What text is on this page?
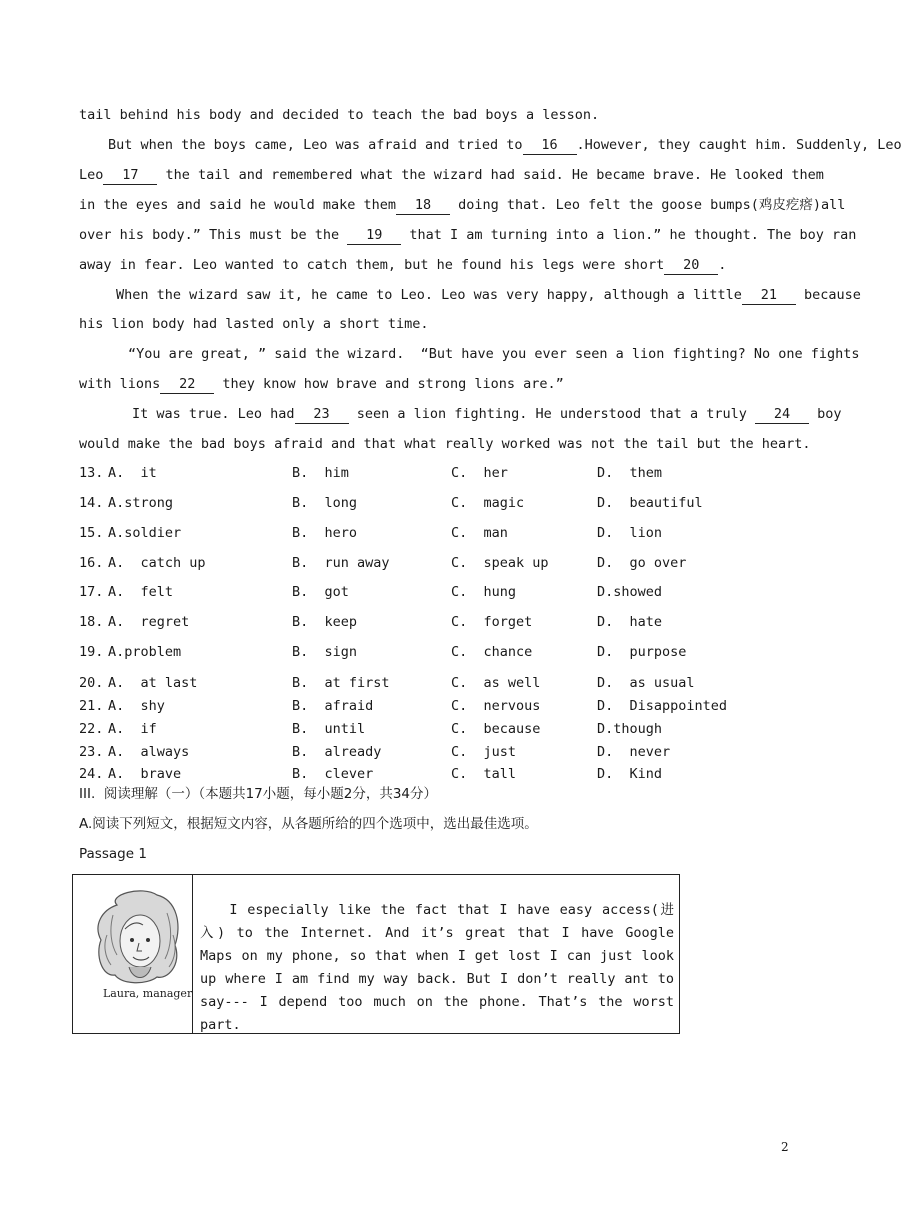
tail behind his body and decided to teach the bad boys a lesson.
But when the boys came, Leo was afraid and tried to 16 .However, they caught him. Suddenly, Leo
Leo 17 the tail and remembered what the wizard had said. He became brave. He looked them
in the eyes and said he would make them 18 doing that. Leo felt the goose bumps(鸡皮疙瘩)all
over his body.” This must be the 19 that I am turning into a lion.” he thought. The boy ran
away in fear. Leo wanted to catch them, but he found his legs were short 20 .
When the wizard saw it, he came to Leo. Leo was very happy, although a little 21 because
his lion body had lasted only a short time.
“You are great, ” said the wizard.  “But have you ever seen a lion fighting? No one fights
with lions 22 they know how brave and strong lions are.”
It was true. Leo had 23 seen a lion fighting. He understood that a truly 24 boy
would make the bad boys afraid and that what really worked was not the tail but the heart.
13. A.  it	B.  him	C.  her	D.  them
14. A.strong	B.  long	C.  magic	D.  beautiful
15. A.soldier	B.  hero	C.  man	D.  lion
16. A.  catch up	B.  run away	C.  speak up	D.  go over
17. A.  felt	B.  got	C.  hung	D.showed
18. A.  regret	B.  keep	C.  forget	D.  hate
19. A.problem	B.  sign	C.  chance	D.  purpose
20. A.  at last	B.  at first	C.  as well	D.  as usual
21. A.  shy	B.  afraid	C.  nervous	D.  Disappointed
22. A.  if	B.  until	C.  because	D.though
23. A.  always	B.  already	C.  just	D.  never
24. A.  brave	B.  clever	C.  tall	D.  Kind
III.  阅读理解（一）（本题共17小题，每小题2分，共34分）
A.阅读下列短文，根据短文内容，从各题所给的四个选项中，选出最佳选项。
Passage 1
Laura, manager
I especially like the fact that I have easy access(进入) to the Internet. And it’s great that I have Google Maps on my phone, so that when I get lost I can just look up where I am find my way back. But I don’t really ant to say--- I depend too much on the phone. That’s the worst part.
2
